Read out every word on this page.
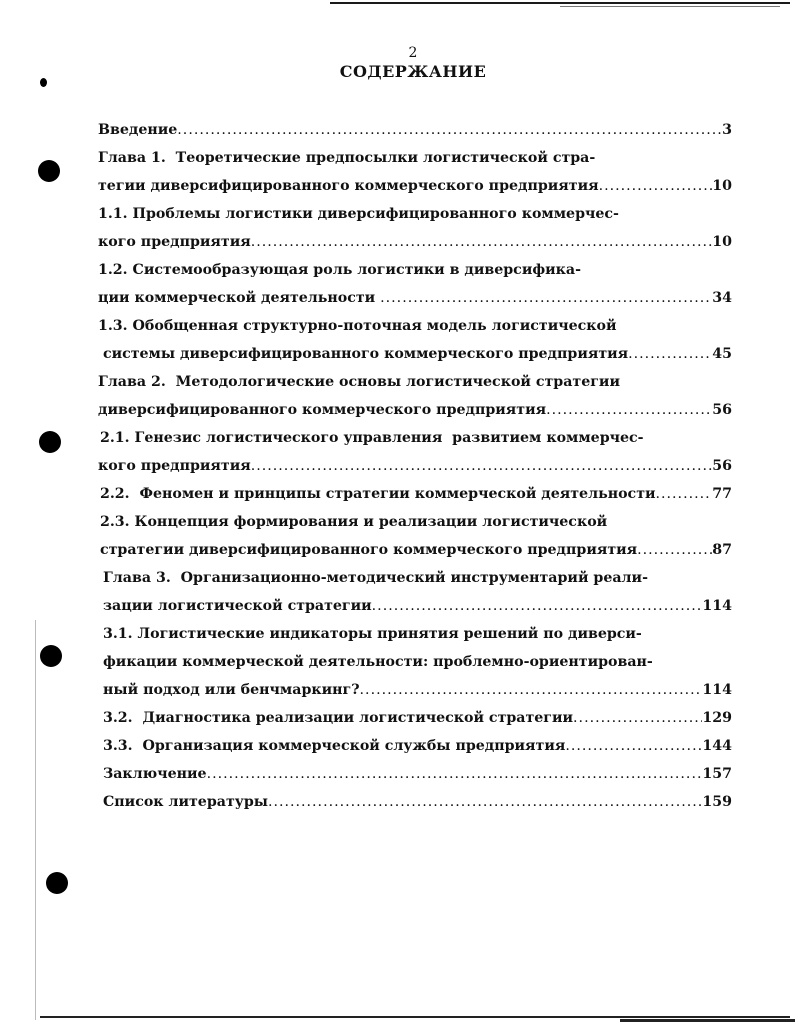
2
СОДЕРЖАНИЕ
Введение .....	3
Глава 1.  Теоретические предпосылки логистической стра-
тегии диверсифицированного коммерческого предприятия .....	10
1.1. Проблемы логистики диверсифицированного коммерчес-
кого предприятия .....	10
1.2. Системообразующая роль логистики в диверсифика-
ции коммерческой деятельности .....	34
1.3. Обобщенная структурно-поточная модель логистической
системы диверсифицированного коммерческого предприятия .....	45
Глава 2.  Методологические основы логистической стратегии
диверсифицированного коммерческого предприятия .....	56
2.1. Генезис логистического управления  развитием коммерчес-
кого предприятия .....	56
2.2.  Феномен и принципы стратегии коммерческой деятельности .....	77
2.3. Концепция формирования и реализации логистической
стратегии диверсифицированного коммерческого предприятия .....	87
Глава 3.  Организационно-методический инструментарий реали-
зации логистической стратегии .....	114
3.1. Логистические индикаторы принятия решений по диверси-
фикации коммерческой деятельности: проблемно-ориентирован-
ный подход или бенчмаркинг? .....	114
3.2.  Диагностика реализации логистической стратегии .....	129
3.3.  Организация коммерческой службы предприятия .....	144
Заключение .....	157
Список литературы .....	159
